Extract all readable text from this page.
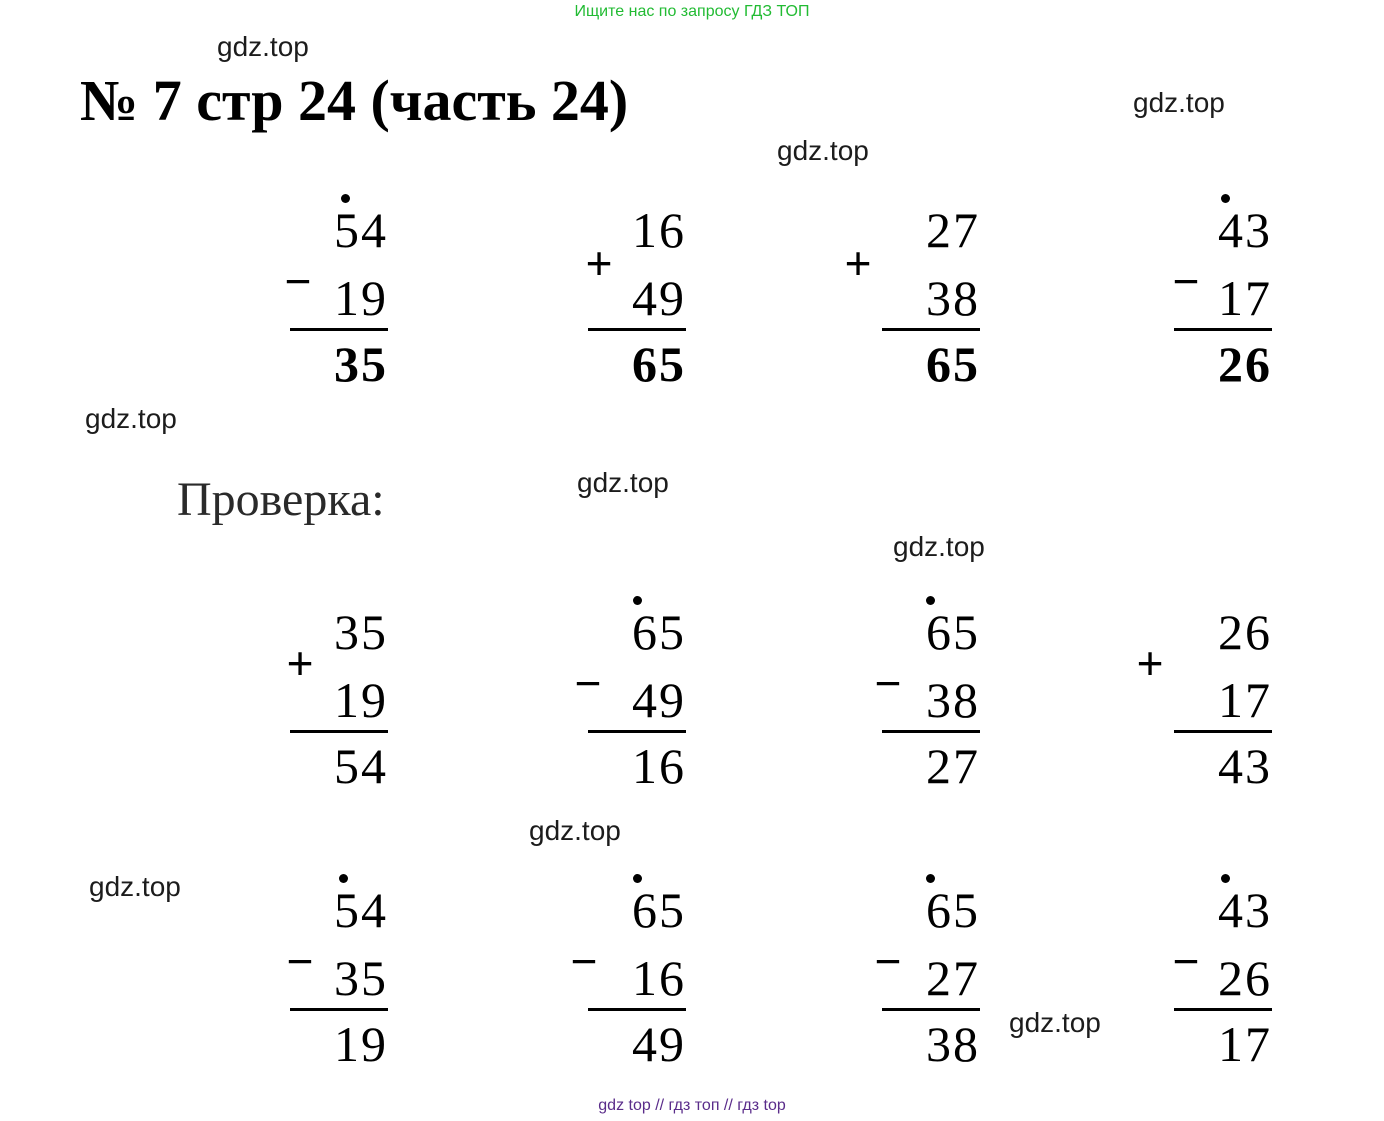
Ищите нас по запросу ГДЗ ТОП
№ 7 стр 24 (часть 24)
gdz.top
gdz.top
gdz.top
gdz.top
gdz.top
gdz.top
gdz.top
gdz.top
gdz.top
54
− 19
35
16
+
49
65
27
+
38
65
43
− 17
26
Проверка:
35
+
19
54
65
− 49
16
65
− 38
27
26
+
17
43
54
− 35
19
65
− 16
49
65
− 27
38
43
− 26
17
gdz top // гдз топ // гдз top
